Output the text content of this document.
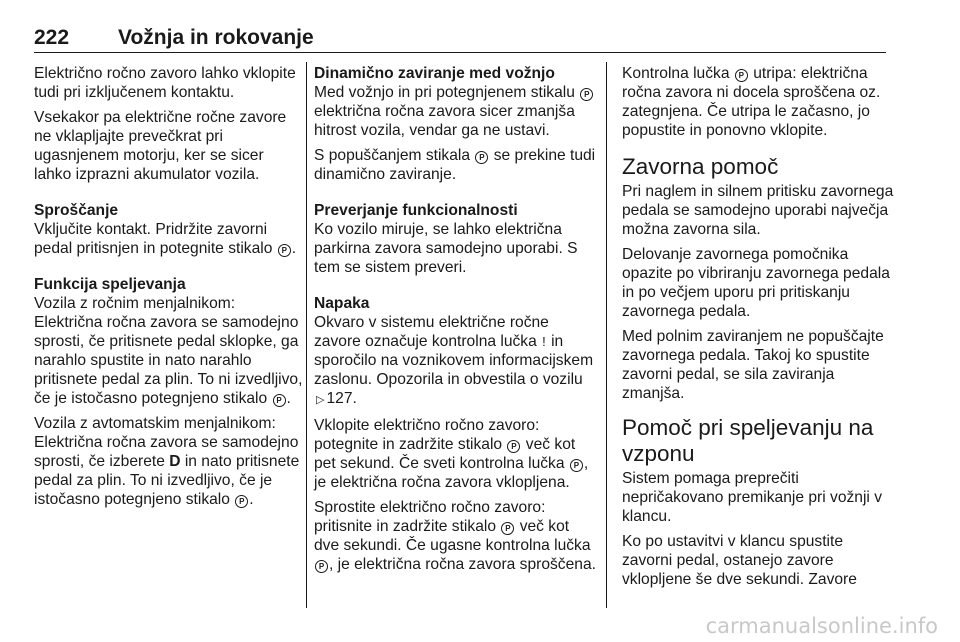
222 Vožnja in rokovanje

Električno ročno zavoro lahko vklopite tudi pri izključenem kontaktu.

Vsekakor pa električne ročne zavore ne vklapljajte prevečkrat pri ugasnjenem motorju, ker se sicer lahko izprazni akumulator vozila.

Sproščanje

Vključite kontakt. Pridržite zavorni pedal pritisnjen in potegnite stikalo P .

Funkcija speljevanja

Vozila z ročnim menjalnikom: Električna ročna zavora se samodejno sprosti, če pritisnete pedal sklopke, ga narahlo spustite in nato narahlo pritisnete pedal za plin. To ni izvedljivo, če je istočasno potegnjeno stikalo P .

Vozila z avtomatskim menjalnikom: Električna ročna zavora se samodejno sprosti, če izberete D in nato pritisnete pedal za plin. To ni izvedljivo, če je istočasno potegnjeno stikalo P .

Dinamično zaviranje med vožnjo

Med vožnjo in pri potegnjenem stikalu P električna ročna zavora sicer zmanjša hitrost vozila, vendar ga ne ustavi.

S popuščanjem stikala P se prekine tudi dinamično zaviranje.

Preverjanje funkcionalnosti

Ko vozilo miruje, se lahko električna parkirna zavora samodejno uporabi. S tem se sistem preveri.

Napaka

Okvaro v sistemu električne ročne zavore označuje kontrolna lučka ! in sporočilo na voznikovem informacijskem zaslonu. Opozorila in obvestila o vozilu ▷ 127.

Vklopite električno ročno zavoro: potegnite in zadržite stikalo P več kot pet sekund. Če sveti kontrolna lučka P , je električna ročna zavora vklopljena.

Sprostite električno ročno zavoro: pritisnite in zadržite stikalo P več kot dve sekundi. Če ugasne kontrolna lučka P , je električna ročna zavora sproščena.

Kontrolna lučka P utripa: električna ročna zavora ni docela sproščena oz. zategnjena. Če utripa le začasno, jo popustite in ponovno vklopite.

Zavorna pomoč

Pri naglem in silnem pritisku zavornega pedala se samodejno uporabi največja možna zavorna sila.

Delovanje zavornega pomočnika opazite po vibriranju zavornega pedala in po večjem uporu pri pritiskanju zavornega pedala.

Med polnim zaviranjem ne popuščajte zavornega pedala. Takoj ko spustite zavorni pedal, se sila zaviranja zmanjša.

Pomoč pri speljevanju na vzponu

Sistem pomaga preprečiti nepričakovano premikanje pri vožnji v klancu.

Ko po ustavitvi v klancu spustite zavorni pedal, ostanejo zavore vklopljene še dve sekundi. Zavore

carmanualsonline.info
